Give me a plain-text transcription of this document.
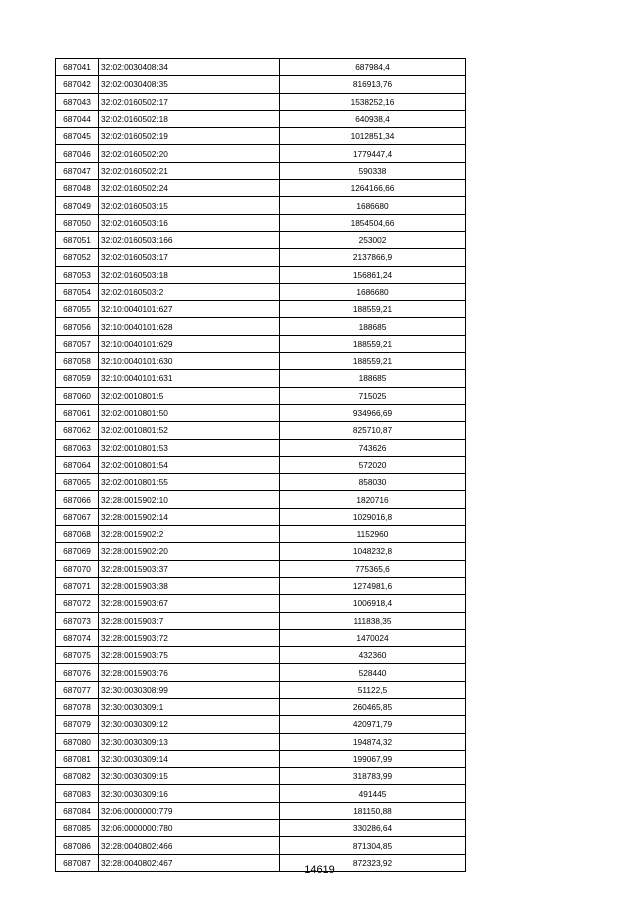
687041	32:02:0030408:34	687984,4
687042	32:02:0030408:35	816913,76
687043	32:02:0160502:17	1538252,16
687044	32:02:0160502:18	640938,4
687045	32:02:0160502:19	1012851,34
687046	32:02:0160502:20	1779447,4
687047	32:02:0160502:21	590338
687048	32:02:0160502:24	1264166,66
687049	32:02:0160503:15	1686680
687050	32:02:0160503:16	1854504,66
687051	32:02:0160503:166	253002
687052	32:02:0160503:17	2137866,9
687053	32:02:0160503:18	156861,24
687054	32:02:0160503:2	1686680
687055	32:10:0040101:627	188559,21
687056	32:10:0040101:628	188685
687057	32:10:0040101:629	188559,21
687058	32:10:0040101:630	188559,21
687059	32:10:0040101:631	188685
687060	32:02:0010801:5	715025
687061	32:02:0010801:50	934966,69
687062	32:02:0010801:52	825710,87
687063	32:02:0010801:53	743626
687064	32:02:0010801:54	572020
687065	32:02:0010801:55	858030
687066	32:28:0015902:10	1820716
687067	32:28:0015902:14	1029016,8
687068	32:28:0015902:2	1152960
687069	32:28:0015902:20	1048232,8
687070	32:28:0015903:37	775365,6
687071	32:28:0015903:38	1274981,6
687072	32:28:0015903:67	1006918,4
687073	32:28:0015903:7	111838,35
687074	32:28:0015903:72	1470024
687075	32:28:0015903:75	432360
687076	32:28:0015903:76	528440
687077	32:30:0030308:99	51122,5
687078	32:30:0030309:1	260465,85
687079	32:30:0030309:12	420971,79
687080	32:30:0030309:13	194874,32
687081	32:30:0030309:14	199067,99
687082	32:30:0030309:15	318783,99
687083	32:30:0030309:16	491445
687084	32:06:0000000:779	181150,88
687085	32:06:0000000:780	330286,64
687086	32:28:0040802:466	871304,85
687087	32:28:0040802:467	872323,92
14619
